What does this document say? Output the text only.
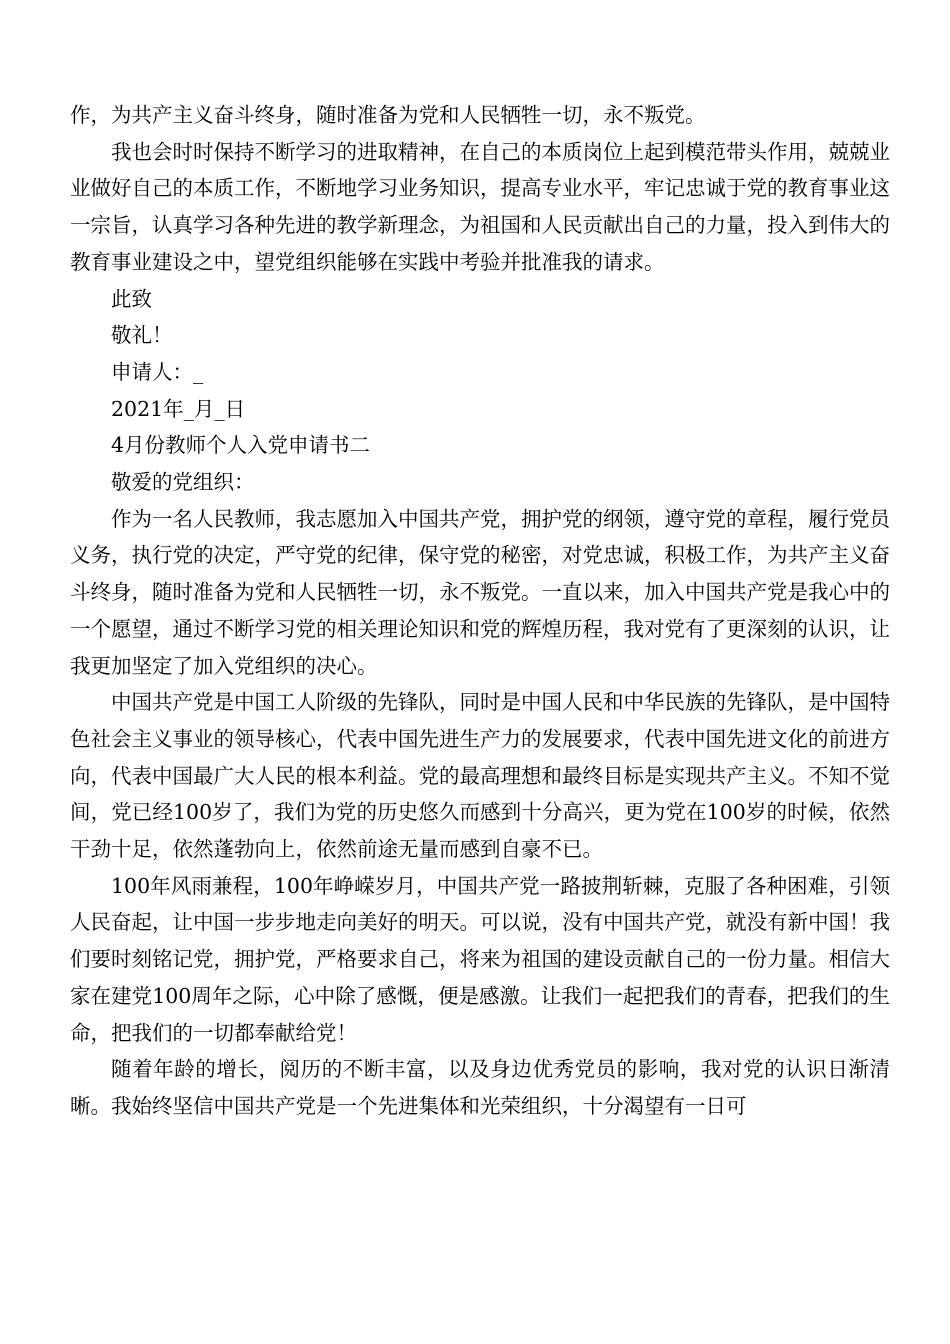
作，为共产主义奋斗终身，随时准备为党和人民牺牲一切，永不叛党。

我也会时时保持不断学习的进取精神，在自己的本质岗位上起到模范带头作用，兢兢业业做好自己的本质工作，不断地学习业务知识，提高专业水平，牢记忠诚于党的教育事业这一宗旨，认真学习各种先进的教学新理念，为祖国和人民贡献出自己的力量，投入到伟大的教育事业建设之中，望党组织能够在实践中考验并批准我的请求。

此致

敬礼！

申请人：_

2021年_月_日

4月份教师个人入党申请书二

敬爱的党组织：

作为一名人民教师，我志愿加入中国共产党，拥护党的纲领，遵守党的章程，履行党员义务，执行党的决定，严守党的纪律，保守党的秘密，对党忠诚，积极工作，为共产主义奋斗终身，随时准备为党和人民牺牲一切，永不叛党。一直以来，加入中国共产党是我心中的一个愿望，通过不断学习党的相关理论知识和党的辉煌历程，我对党有了更深刻的认识，让我更加坚定了加入党组织的决心。

中国共产党是中国工人阶级的先锋队，同时是中国人民和中华民族的先锋队，是中国特色社会主义事业的领导核心，代表中国先进生产力的发展要求，代表中国先进文化的前进方向，代表中国最广大人民的根本利益。党的最高理想和最终目标是实现共产主义。不知不觉间，党已经100岁了，我们为党的历史悠久而感到十分高兴，更为党在100岁的时候，依然干劲十足，依然蓬勃向上，依然前途无量而感到自豪不已。

100年风雨兼程，100年峥嵘岁月，中国共产党一路披荆斩棘，克服了各种困难，引领人民奋起，让中国一步步地走向美好的明天。可以说，没有中国共产党，就没有新中国！我们要时刻铭记党，拥护党，严格要求自己，将来为祖国的建设贡献自己的一份力量。相信大家在建党100周年之际，心中除了感慨，便是感激。让我们一起把我们的青春，把我们的生命，把我们的一切都奉献给党！

随着年龄的增长，阅历的不断丰富，以及身边优秀党员的影响，我对党的认识日渐清晰。我始终坚信中国共产党是一个先进集体和光荣组织，十分渴望有一日可
